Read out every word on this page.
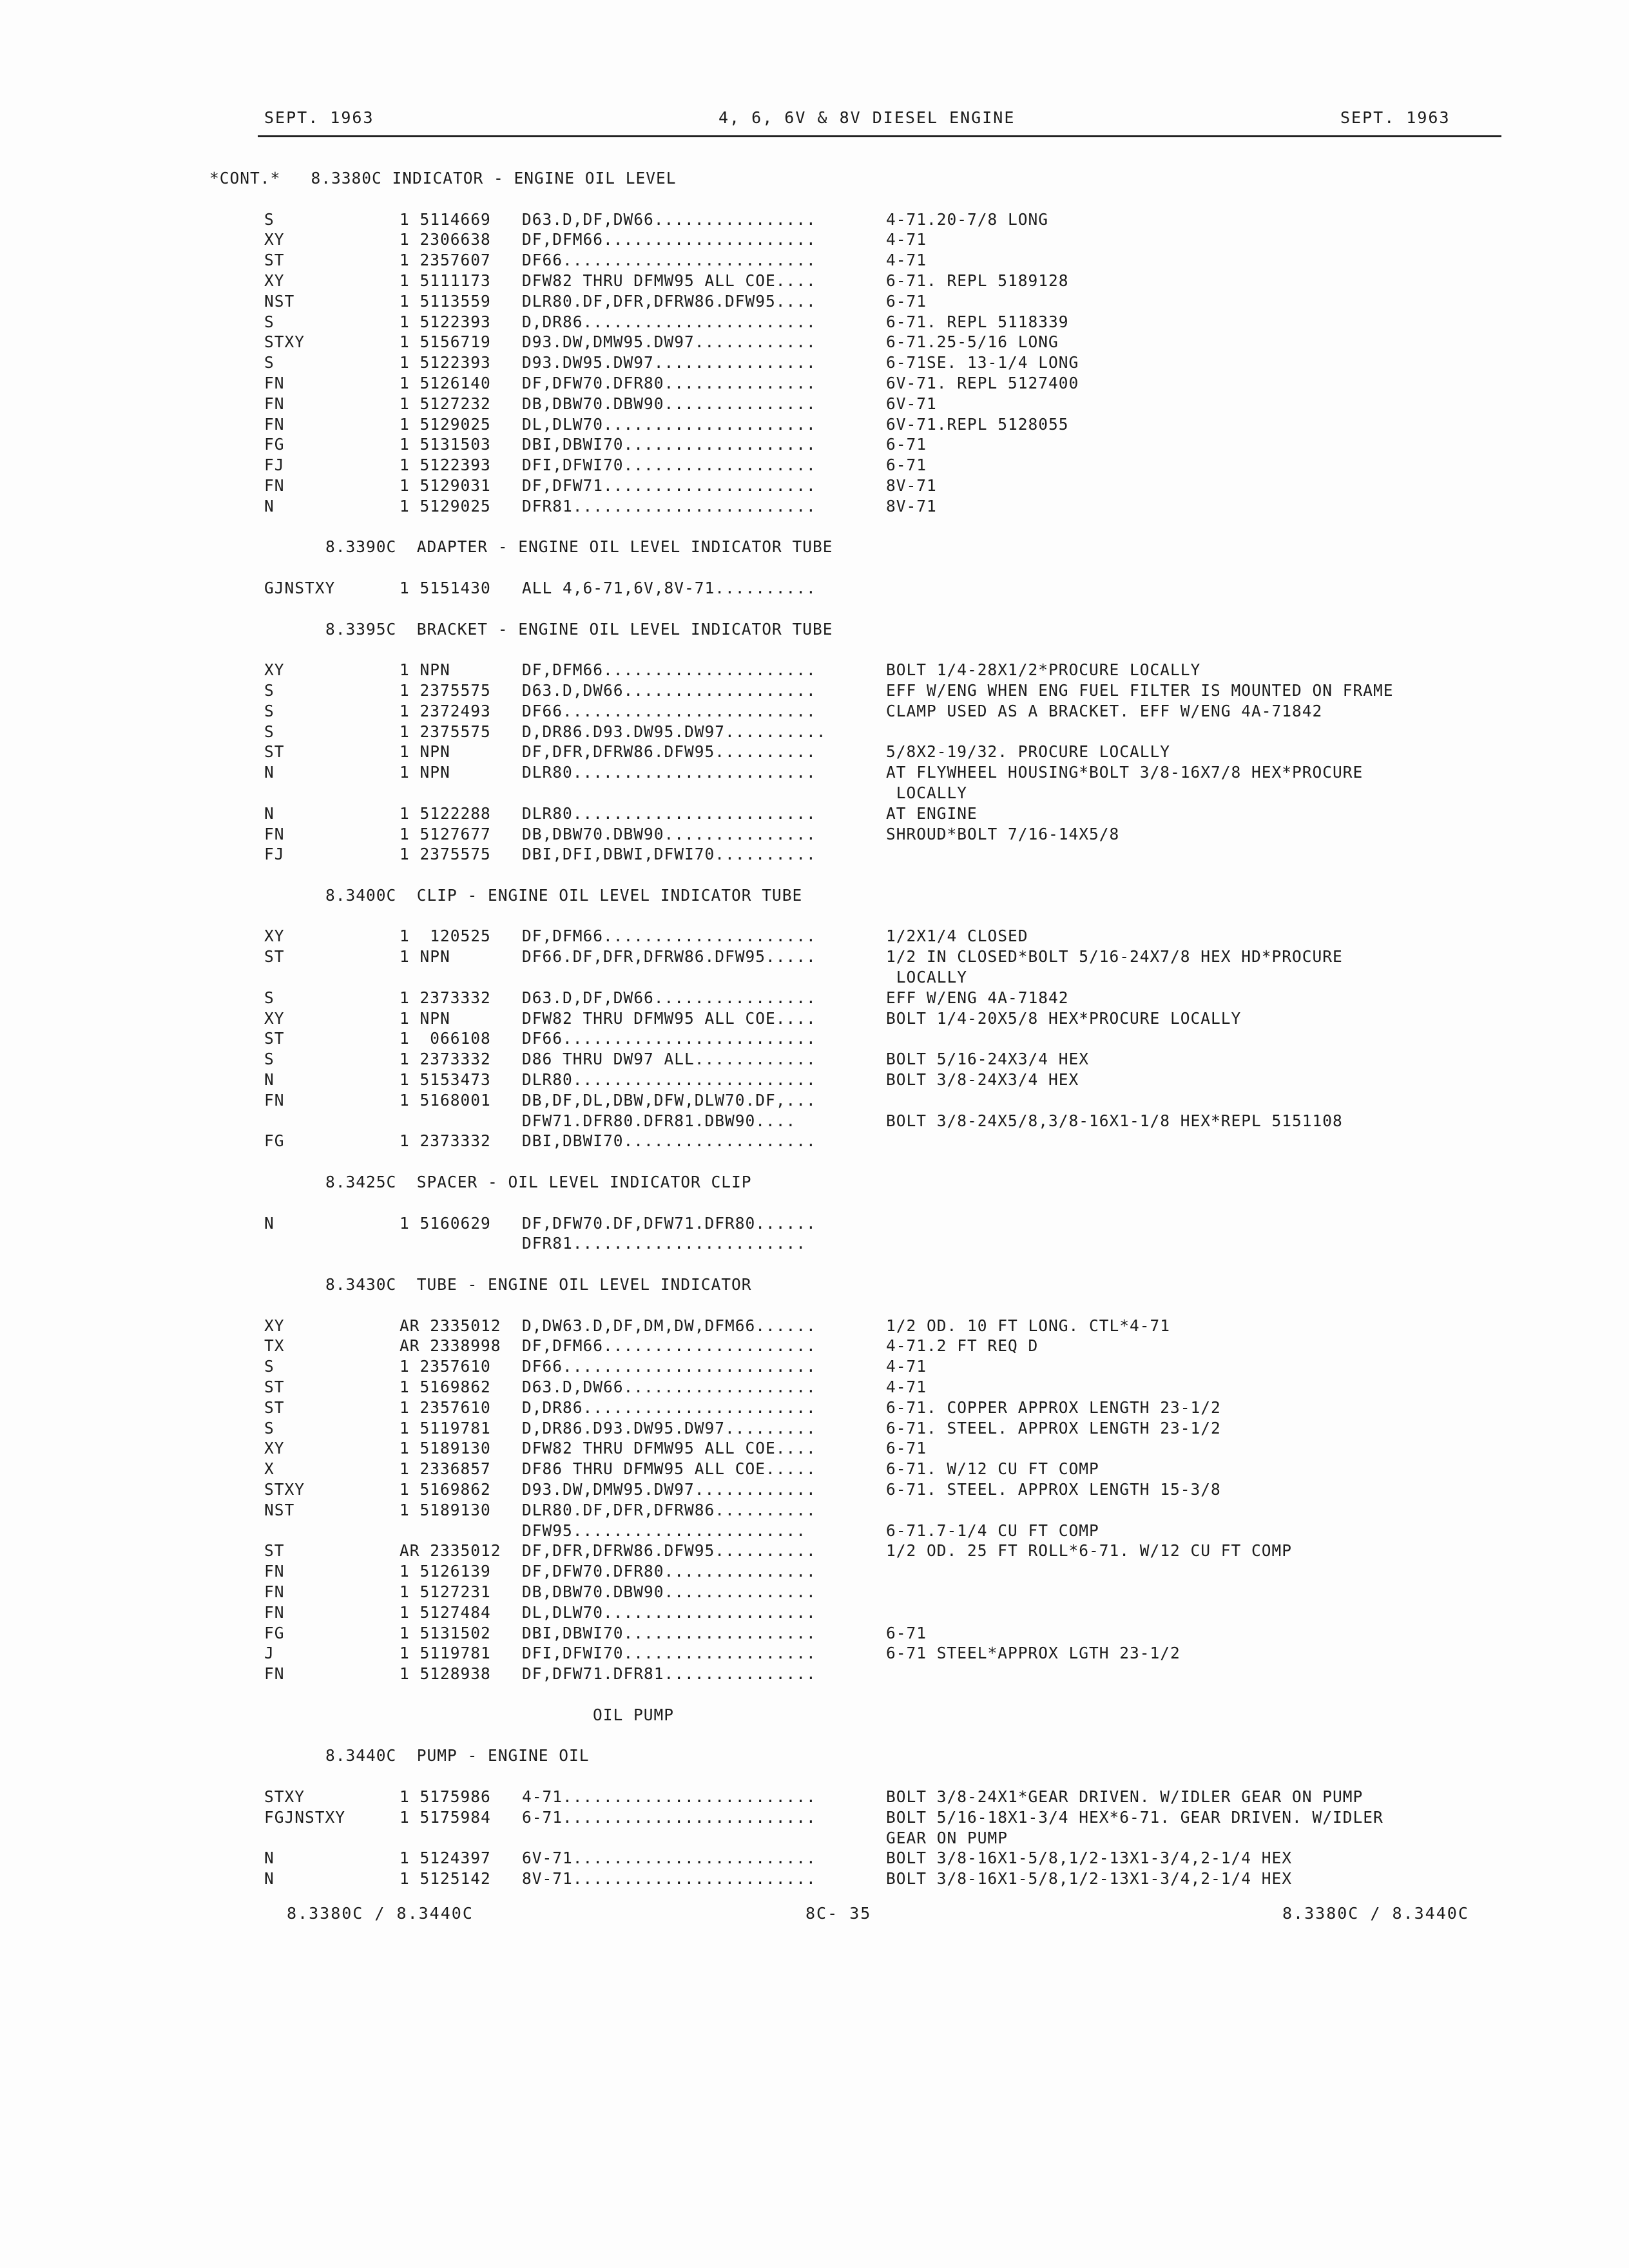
SEPT. 1963	4, 6, 6V & 8V DIESEL ENGINE	SEPT. 1963
*CONT.*   8.3380C INDICATOR - ENGINE OIL LEVEL
S	1 5114669 D63.D,DF,DW66................	4-71.20-7/8 LONG
XY	1 2306638 DF,DFM66.....................	4-71
ST	1 2357607 DF66.........................	4-71
XY	1 5111173 DFW82 THRU DFMW95 ALL COE....	6-71. REPL 5189128
NST	1 5113559 DLR80.DF,DFR,DFRW86.DFW95....	6-71
S	1 5122393 D,DR86.......................	6-71. REPL 5118339
STXY	1 5156719 D93.DW,DMW95.DW97............	6-71.25-5/16 LONG
S	1 5122393 D93.DW95.DW97................	6-71SE. 13-1/4 LONG
FN	1 5126140 DF,DFW70.DFR80...............	6V-71. REPL 5127400
FN	1 5127232 DB,DBW70.DBW90...............	6V-71
FN	1 5129025 DL,DLW70.....................	6V-71.REPL 5128055
FG	1 5131503 DBI,DBWI70...................	6-71
FJ	1 5122393 DFI,DFWI70...................	6-71
FN	1 5129031 DF,DFW71.....................	8V-71
N	1 5129025 DFR81........................	8V-71
8.3390C  ADAPTER - ENGINE OIL LEVEL INDICATOR TUBE
GJNSTXY	1 5151430 ALL 4,6-71,6V,8V-71..........
8.3395C  BRACKET - ENGINE OIL LEVEL INDICATOR TUBE
XY	1 NPN	DF,DFM66.....................	BOLT 1/4-28X1/2*PROCURE LOCALLY
S	1 2375575 D63.D,DW66...................	EFF W/ENG WHEN ENG FUEL FILTER IS MOUNTED ON FRAME
S	1 2372493 DF66.........................	CLAMP USED AS A BRACKET. EFF W/ENG 4A-71842
S	1 2375575 D,DR86.D93.DW95.DW97..........
ST	1 NPN	DF,DFR,DFRW86.DFW95..........	5/8X2-19/32. PROCURE LOCALLY
N	1 NPN	DLR80........................	AT FLYWHEEL HOUSING*BOLT 3/8-16X7/8 HEX*PROCURE
LOCALLY
N	1 5122288 DLR80........................	AT ENGINE
FN	1 5127677 DB,DBW70.DBW90...............	SHROUD*BOLT 7/16-14X5/8
FJ	1 2375575 DBI,DFI,DBWI,DFWI70..........
8.3400C  CLIP - ENGINE OIL LEVEL INDICATOR TUBE
XY	1  120525 DF,DFM66.....................	1/2X1/4 CLOSED
ST	1 NPN	DF66.DF,DFR,DFRW86.DFW95.....	1/2 IN CLOSED*BOLT 5/16-24X7/8 HEX HD*PROCURE
LOCALLY
S	1 2373332 D63.D,DF,DW66................	EFF W/ENG 4A-71842
XY	1 NPN	DFW82 THRU DFMW95 ALL COE....	BOLT 1/4-20X5/8 HEX*PROCURE LOCALLY
ST	1  066108 DF66.........................
S	1 2373332 D86 THRU DW97 ALL............	BOLT 5/16-24X3/4 HEX
N	1 5153473 DLR80........................	BOLT 3/8-24X3/4 HEX
FN	1 5168001 DB,DF,DL,DBW,DFW,DLW70.DF,...
DFW71.DFR80.DFR81.DBW90....	BOLT 3/8-24X5/8,3/8-16X1-1/8 HEX*REPL 5151108
FG	1 2373332 DBI,DBWI70...................
8.3425C  SPACER - OIL LEVEL INDICATOR CLIP
N	1 5160629 DF,DFW70.DF,DFW71.DFR80......
DFR81.......................
8.3430C  TUBE - ENGINE OIL LEVEL INDICATOR
XY	AR 2335012 D,DW63.D,DF,DM,DW,DFM66......	1/2 OD. 10 FT LONG. CTL*4-71
TX	AR 2338998 DF,DFM66.....................	4-71.2 FT REQ D
S	1 2357610 DF66.........................	4-71
ST	1 5169862 D63.D,DW66...................	4-71
ST	1 2357610 D,DR86.......................	6-71. COPPER APPROX LENGTH 23-1/2
S	1 5119781 D,DR86.D93.DW95.DW97.........	6-71. STEEL. APPROX LENGTH 23-1/2
XY	1 5189130 DFW82 THRU DFMW95 ALL COE....	6-71
X	1 2336857 DF86 THRU DFMW95 ALL COE.....	6-71. W/12 CU FT COMP
STXY	1 5169862 D93.DW,DMW95.DW97............	6-71. STEEL. APPROX LENGTH 15-3/8
NST	1 5189130 DLR80.DF,DFR,DFRW86..........
DFW95.......................	6-71.7-1/4 CU FT COMP
ST	AR 2335012 DF,DFR,DFRW86.DFW95..........	1/2 OD. 25 FT ROLL*6-71. W/12 CU FT COMP
FN	1 5126139 DF,DFW70.DFR80...............
FN	1 5127231 DB,DBW70.DBW90...............
FN	1 5127484 DL,DLW70.....................
FG	1 5131502 DBI,DBWI70...................	6-71
J	1 5119781 DFI,DFWI70...................	6-71 STEEL*APPROX LGTH 23-1/2
FN	1 5128938 DF,DFW71.DFR81...............
OIL PUMP
8.3440C  PUMP - ENGINE OIL
STXY	1 5175986 4-71.........................	BOLT 3/8-24X1*GEAR DRIVEN. W/IDLER GEAR ON PUMP
FGJNSTXY	1 5175984 6-71.........................	BOLT 5/16-18X1-3/4 HEX*6-71. GEAR DRIVEN. W/IDLER
GEAR ON PUMP
N	1 5124397 6V-71........................	BOLT 3/8-16X1-5/8,1/2-13X1-3/4,2-1/4 HEX
N	1 5125142 8V-71........................	BOLT 3/8-16X1-5/8,1/2-13X1-3/4,2-1/4 HEX
8.3380C / 8.3440C	8C- 35	8.3380C / 8.3440C
